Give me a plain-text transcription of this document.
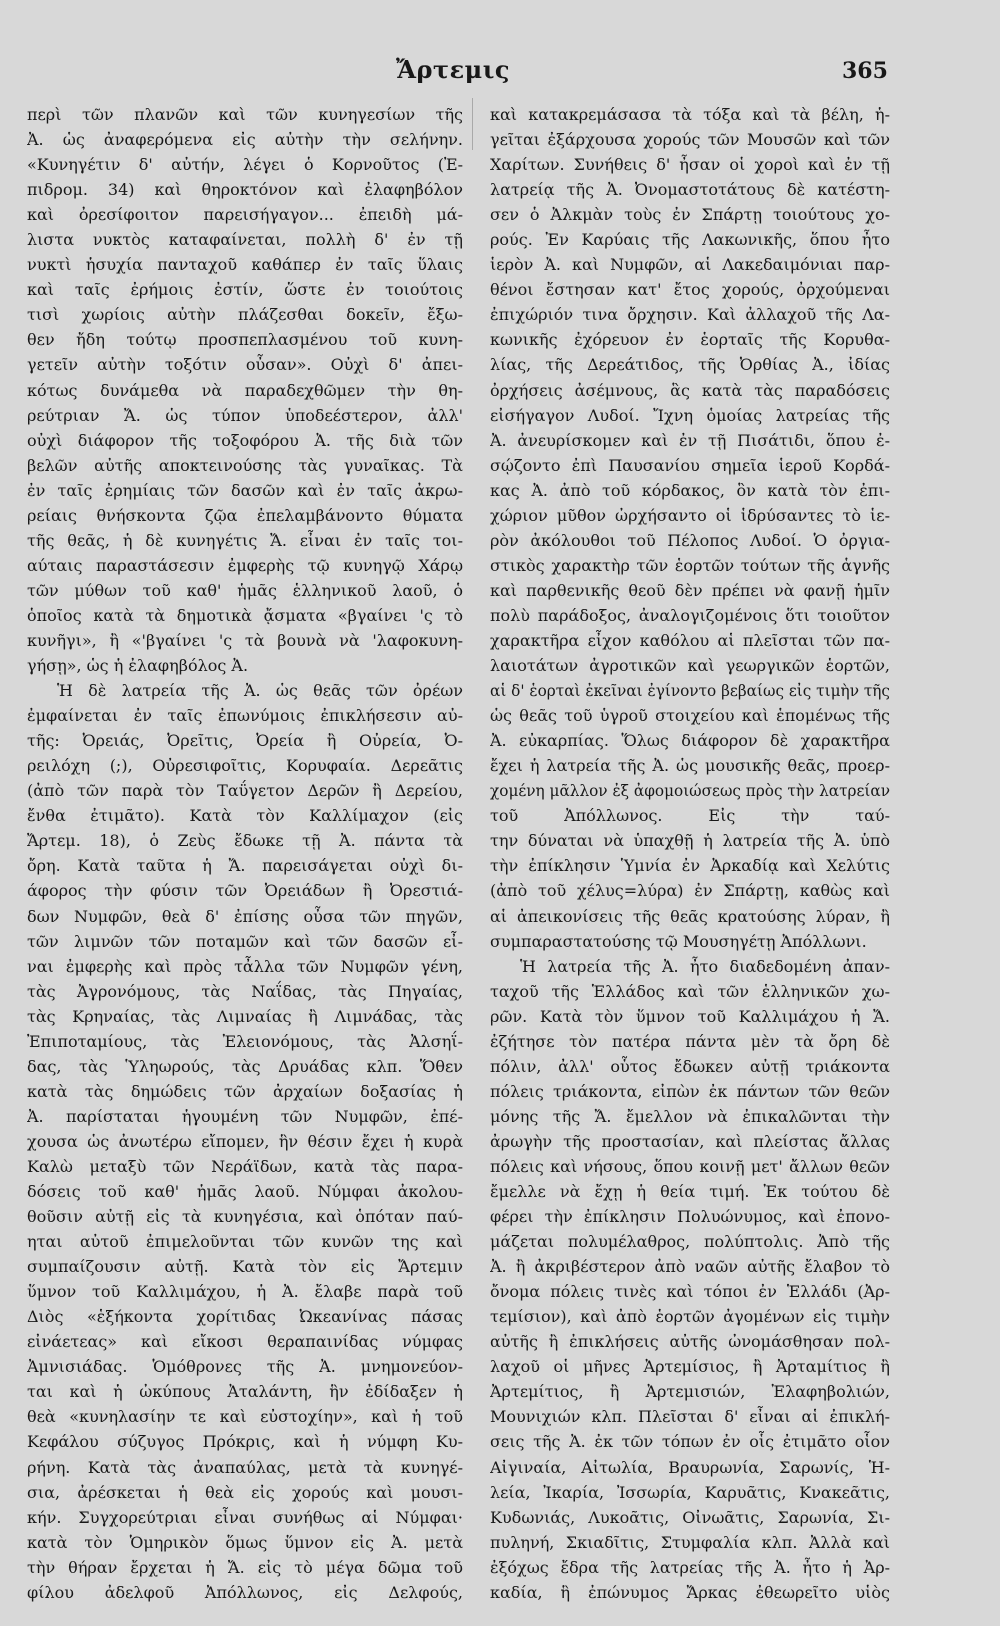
Ἄρτεμις	365
περὶ τῶν πλανῶν καὶ τῶν κυνηγεσίων τῆς
Ἀ. ὡς ἀναφερόμενα εἰς αὐτὴν τὴν σελήνην.
«Κυνηγέτιν δ' αὐτήν, λέγει ὁ Κορνοῦτος (Ἐ-
πιδρομ. 34) καὶ θηροκτόνον καὶ ἐλαφηβόλον
καὶ ὀρεσίφοιτον παρεισήγαγον... ἐπειδὴ μά-
λιστα νυκτὸς καταφαίνεται, πολλὴ δ' ἐν τῇ
νυκτὶ ἡσυχία πανταχοῦ καθάπερ ἐν ταῖς ὕλαις
καὶ ταῖς ἐρήμοις ἐστίν, ὥστε ἐν τοιούτοις
τισὶ χωρίοις αὐτὴν πλάζεσθαι δοκεῖν, ἔξω-
θεν ἤδη τούτῳ προσπεπλασμένου τοῦ κυνη-
γετεῖν αὐτὴν τοξότιν οὖσαν». Οὐχὶ δ' ἀπει-
κότως δυνάμεθα νὰ παραδεχθῶμεν τὴν θη-
ρεύτριαν Ἄ. ὡς τύπον ὑποδεέστερον, ἀλλ'
οὐχὶ διάφορον τῆς τοξοφόρου Ἀ. τῆς διὰ τῶν
βελῶν αὐτῆς αποκτεινούσης τὰς γυναῖκας. Τὰ
ἐν ταῖς ἐρημίαις τῶν δασῶν καὶ ἐν ταῖς ἀκρω-
ρείαις θνήσκοντα ζῷα ἐπελαμβάνοντο θύματα
τῆς θεᾶς, ἡ δὲ κυνηγέτις Ἄ. εἶναι ἐν ταῖς τοι-
αύταις παραστάσεσιν ἐμφερὴς τῷ κυνηγῷ Χάρῳ
τῶν μύθων τοῦ καθ' ἡμᾶς ἑλληνικοῦ λαοῦ, ὁ
ὁποῖος κατὰ τὰ δημοτικὰ ᾄσματα «βγαίνει 'ς τὸ
κυνῆγι», ἢ «'βγαίνει 'ς τὰ βουνὰ νὰ 'λαφοκυνη-
γήσῃ», ὡς ἡ ἐλαφηβόλος Ἀ.
Ἡ δὲ λατρεία τῆς Ἀ. ὡς θεᾶς τῶν ὀρέων
ἐμφαίνεται ἐν ταῖς ἐπωνύμοις ἐπικλήσεσιν αὐ-
τῆς: Ὀρειάς, Ὀρεῖτις, Ὀρεία ἢ Οὐρεία, Ὀ-
ρειλόχη (;), Οὐρεσιφοῖτις, Κορυφαία. Δερεᾶτις
(ἀπὸ τῶν παρὰ τὸν Ταΰγετον Δερῶν ἢ Δερείου,
ἔνθα ἐτιμᾶτο). Κατὰ τὸν Καλλίμαχον (εἰς
Ἄρτεμ. 18), ὁ Ζεὺς ἔδωκε τῇ Ἀ. πάντα τὰ
ὄρη. Κατὰ ταῦτα ἡ Ἄ. παρεισάγεται οὐχὶ δι-
άφορος τὴν φύσιν τῶν Ὀρειάδων ἢ Ὀρεστιά-
δων Νυμφῶν, θεὰ δ' ἐπίσης οὖσα τῶν πηγῶν,
τῶν λιμνῶν τῶν ποταμῶν καὶ τῶν δασῶν εἶ-
ναι ἐμφερὴς καὶ πρὸς τἆλλα τῶν Νυμφῶν γένη,
τὰς Ἀγρονόμους, τὰς Ναΐδας, τὰς Πηγαίας,
τὰς Κρηναίας, τὰς Λιμναίας ἢ Λιμνάδας, τὰς
Ἐπιποταμίους, τὰς Ἐλειονόμους, τὰς Ἀλσηΐ-
δας, τὰς Ὑληωρούς, τὰς Δρυάδας κλπ. Ὅθεν
κατὰ τὰς δημώδεις τῶν ἀρχαίων δοξασίας ἡ
Ἀ. παρίσταται ἡγουμένη τῶν Νυμφῶν, ἐπέ-
χουσα ὡς ἀνωτέρω εἴπομεν, ἣν θέσιν ἔχει ἡ κυρὰ
Καλὼ μεταξὺ τῶν Νεράϊδων, κατὰ τὰς παρα-
δόσεις τοῦ καθ' ἡμᾶς λαοῦ. Νύμφαι ἀκολου-
θοῦσιν αὐτῇ εἰς τὰ κυνηγέσια, καὶ ὁπόταν παύ-
ηται αὐτοῦ ἐπιμελοῦνται τῶν κυνῶν της καὶ
συμπαίζουσιν αὐτῇ. Κατὰ τὸν εἰς Ἄρτεμιν
ὕμνον τοῦ Καλλιμάχου, ἡ Ἀ. ἔλαβε παρὰ τοῦ
Διὸς «ἑξήκοντα χορίτιδας Ὠκεανίνας πάσας
εἰνάετεας» καὶ εἴκοσι θεραπαινίδας νύμφας
Ἀμνισιάδας. Ὁμόθρονες τῆς Ἀ. μνημονεύον-
ται καὶ ἡ ὠκύπους Ἀταλάντη, ἣν ἐδίδαξεν ἡ
θεὰ «κυνηλασίην τε καὶ εὐστοχίην», καὶ ἡ τοῦ
Κεφάλου σύζυγος Πρόκρις, καὶ ἡ νύμφη Κυ-
ρήνη. Κατὰ τὰς ἀναπαύλας, μετὰ τὰ κυνηγέ-
σια, ἀρέσκεται ἡ θεὰ εἰς χορούς καὶ μουσι-
κήν. Συγχορεύτριαι εἶναι συνήθως αἱ Νύμφαι·
κατὰ τὸν Ὁμηρικὸν ὅμως ὕμνον εἰς Ἀ. μετὰ
τὴν θήραν ἔρχεται ἡ Ἄ. εἰς τὸ μέγα δῶμα τοῦ
φίλου ἀδελφοῦ Ἀπόλλωνος, εἰς Δελφούς,
καὶ κατακρεμάσασα τὰ τόξα καὶ τὰ βέλη, ἡ-
γεῖται ἐξάρχουσα χορούς τῶν Μουσῶν καὶ τῶν
Χαρίτων. Συνήθεις δ' ἦσαν οἱ χοροὶ καὶ ἐν τῇ
λατρείᾳ τῆς Ἀ. Ὀνομαστοτάτους δὲ κατέστη-
σεν ὁ Ἀλκμὰν τοὺς ἐν Σπάρτῃ τοιούτους χο-
ρούς. Ἐν Καρύαις τῆς Λακωνικῆς, ὅπου ἦτο
ἱερὸν Ἀ. καὶ Νυμφῶν, αἱ Λακεδαιμόνιαι παρ-
θένοι ἔστησαν κατ' ἔτος χορούς, ὀρχούμεναι
ἐπιχώριόν τινα ὄρχησιν. Καὶ ἀλλαχοῦ τῆς Λα-
κωνικῆς ἐχόρευον ἐν ἑορταῖς τῆς Κορυθα-
λίας, τῆς Δερεάτιδος, τῆς Ὀρθίας Ἀ., ἰδίας
ὀρχήσεις ἀσέμνους, ἃς κατὰ τὰς παραδόσεις
εἰσήγαγον Λυδοί. Ἴχνη ὁμοίας λατρείας τῆς
Ἀ. ἀνευρίσκομεν καὶ ἐν τῇ Πισάτιδι, ὅπου ἐ-
σῴζοντο ἐπὶ Παυσανίου σημεῖα ἱεροῦ Κορδά-
κας Ἀ. ἀπὸ τοῦ κόρδακος, ὃν κατὰ τὸν ἐπι-
χώριον μῦθον ὠρχήσαντο οἱ ἱδρύσαντες τὸ ἱε-
ρὸν ἀκόλουθοι τοῦ Πέλοπος Λυδοί. Ὁ ὀργια-
στικὸς χαρακτὴρ τῶν ἑορτῶν τούτων τῆς ἁγνῆς
καὶ παρθενικῆς θεοῦ δὲν πρέπει νὰ φανῇ ἡμῖν
πολὺ παράδοξος, ἀναλογιζομένοις ὅτι τοιοῦτον
χαρακτῆρα εἶχον καθόλου αἱ πλεῖσται τῶν πα-
λαιοτάτων ἀγροτικῶν καὶ γεωργικῶν ἑορτῶν,
αἱ δ' ἑορταὶ ἐκεῖναι ἐγίνοντο βεβαίως εἰς τιμὴν τῆς
ὡς θεᾶς τοῦ ὑγροῦ στοιχείου καὶ ἑπομένως τῆς
Ἀ. εὐκαρπίας. Ὅλως διάφορον δὲ χαρακτῆρα
ἔχει ἡ λατρεία τῆς Ἀ. ὡς μουσικῆς θεᾶς, προερ-
χομένη μᾶλλον ἐξ ἀφομοιώσεως πρὸς τὴν λατρείαν
τοῦ Ἀπόλλωνος. Εἰς τὴν ταύ-
την δύναται νὰ ὑπαχθῇ ἡ λατρεία τῆς Ἀ. ὑπὸ
τὴν ἐπίκλησιν Ὑμνία ἐν Ἀρκαδίᾳ καὶ Χελύτις
(ἀπὸ τοῦ χέλυς=λύρα) ἐν Σπάρτῃ, καθὼς καὶ
αἱ ἀπεικονίσεις τῆς θεᾶς κρατούσης λύραν, ἢ
συμπαραστατούσης τῷ Μουσηγέτῃ Ἀπόλλωνι.
Ἡ λατρεία τῆς Ἀ. ἦτο διαδεδομένη ἀπαν-
ταχοῦ τῆς Ἑλλάδος καὶ τῶν ἑλληνικῶν χω-
ρῶν. Κατὰ τὸν ὕμνον τοῦ Καλλιμάχου ἡ Ἄ.
ἐζήτησε τὸν πατέρα πάντα μὲν τὰ ὄρη δὲ
πόλιν, ἀλλ' οὗτος ἔδωκεν αὐτῇ τριάκοντα
πόλεις τριάκοντα, εἰπὼν ἐκ πάντων τῶν θεῶν
μόνης τῆς Ἄ. ἔμελλον νὰ ἐπικαλῶνται τὴν
ἀρωγὴν τῆς προστασίαν, καὶ πλείστας ἄλλας
πόλεις καὶ νήσους, ὅπου κοινῇ μετ' ἄλλων θεῶν
ἔμελλε νὰ ἔχῃ ἡ θεία τιμή. Ἐκ τούτου δὲ
φέρει τὴν ἐπίκλησιν Πολυώνυμος, καὶ ἐπονο-
μάζεται πολυμέλαθρος, πολύπτολις. Ἀπὸ τῆς
Ἀ. ἢ ἀκριβέστερον ἀπὸ ναῶν αὐτῆς ἔλαβον τὸ
ὄνομα πόλεις τινὲς καὶ τόποι ἐν Ἑλλάδι (Ἀρ-
τεμίσιον), καὶ ἀπὸ ἑορτῶν ἀγομένων εἰς τιμὴν
αὐτῆς ἢ ἐπικλήσεις αὐτῆς ὠνομάσθησαν πολ-
λαχοῦ οἱ μῆνες Ἀρτεμίσιος, ἢ Ἀρταμίτιος ἢ
Ἀρτεμίτιος, ἢ Ἀρτεμισιών, Ἐλαφηβολιών,
Μουνιχιών κλπ. Πλεῖσται δ' εἶναι αἱ ἐπικλή-
σεις τῆς Ἀ. ἐκ τῶν τόπων ἐν οἷς ἐτιμᾶτο οἷον
Αἰγιναία, Αἰτωλία, Βραυρωνία, Σαρωνίς, Ἡ-
λεία, Ἰκαρία, Ἰσσωρία, Καρυᾶτις, Κνακεᾶτις,
Κυδωνιάς, Λυκοᾶτις, Οἰνωᾶτις, Σαρωνία, Σι-
πυληνή, Σκιαδῖτις, Στυμφαλία κλπ. Ἀλλὰ καὶ
ἐξόχως ἔδρα τῆς λατρείας τῆς Ἀ. ἦτο ἡ Ἀρ-
καδία, ἣ ἐπώνυμος Ἄρκας ἐθεωρεῖτο υἱὸς
